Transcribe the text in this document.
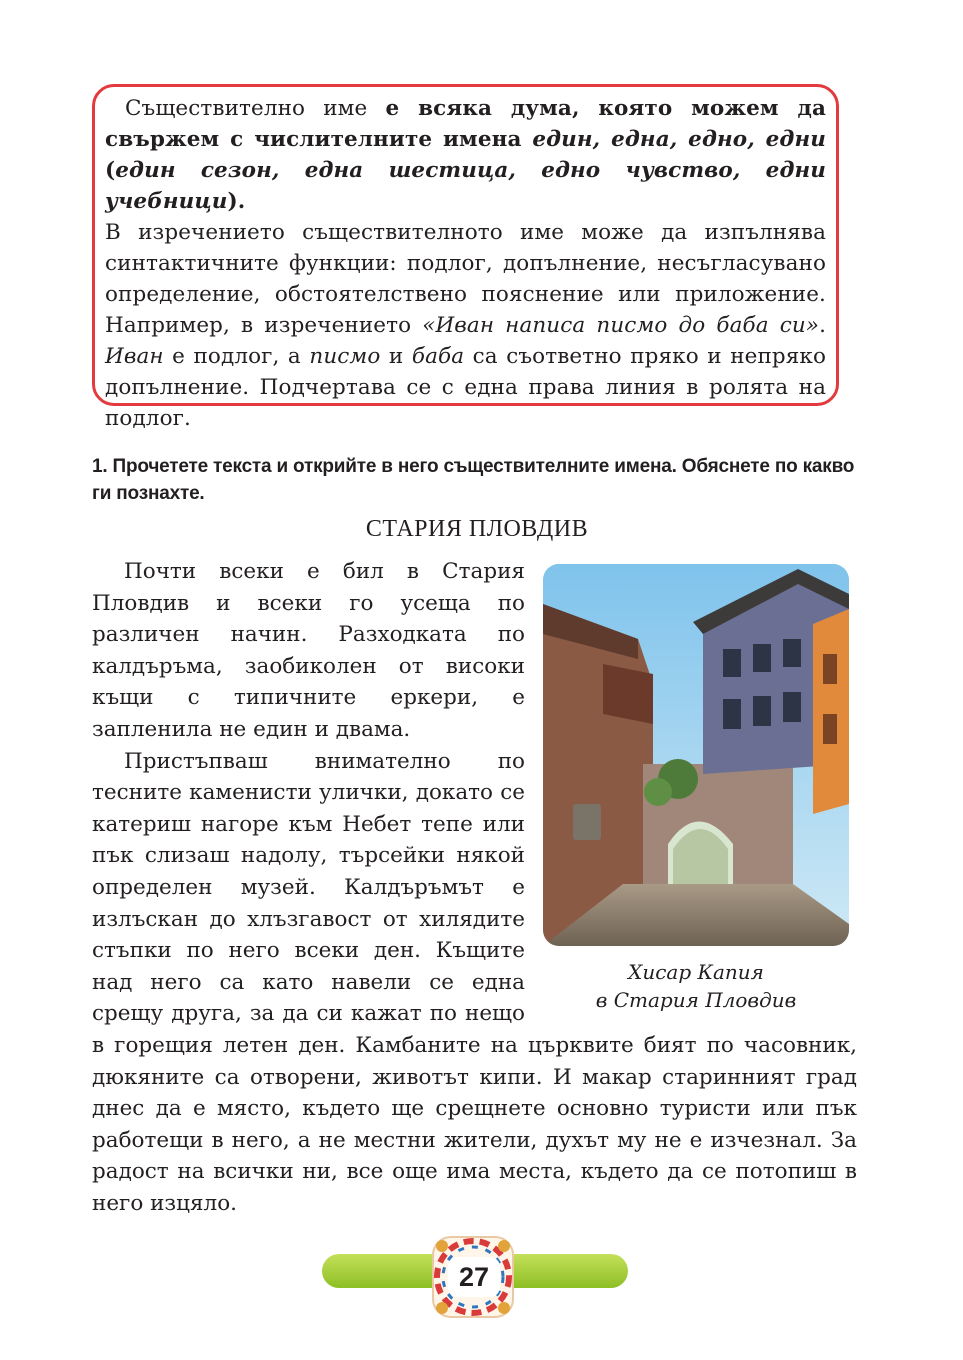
Съществително име е всяка дума, която можем да свържем с числителните имена един, една, едно, едни (един сезон, една шестица, едно чувство, едни учебници).

В изречението съществителното име може да изпълнява синтактичните функции: подлог, допълнение, несъгласувано определение, обстоятелствено пояснение или приложение. Например, в изречението «Иван написа писмо до баба си». Иван е подлог, а писмо и баба са съответно пряко и непряко допълнение. Подчертава се с една права линия в ролята на подлог.

1. Прочетете текста и открийте в него съществителните имена. Обяснете по какво ги познахте.
СТАРИЯ ПЛОВДИВ
Хисар Капия
в Стария Пловдив

Почти всеки е бил в Стария Пловдив и всеки го усеща по различен начин. Разходката по калдъръма, заобиколен от високи къщи с типичните еркери, е запленила не един и двама.

Пристъпваш внимателно по тесните каменисти улички, докато се катериш нагоре към Небет тепе или пък слизаш надолу, търсейки някой определен музей. Калдъръмът е излъскан до хлъзгавост от хилядите стъпки по него всеки ден. Къщите над него са като навели се една срещу друга, за да си кажат по нещо в горещия летен ден. Камбаните на църквите бият по часовник, дюкяните са отворени, животът кипи. И макар старинният град днес да е място, където ще срещнете основно туристи или пък работещи в него, а не местни жители, духът му не е изчезнал. За радост на всички ни, все още има места, където да се потопиш в него изцяло.

27
